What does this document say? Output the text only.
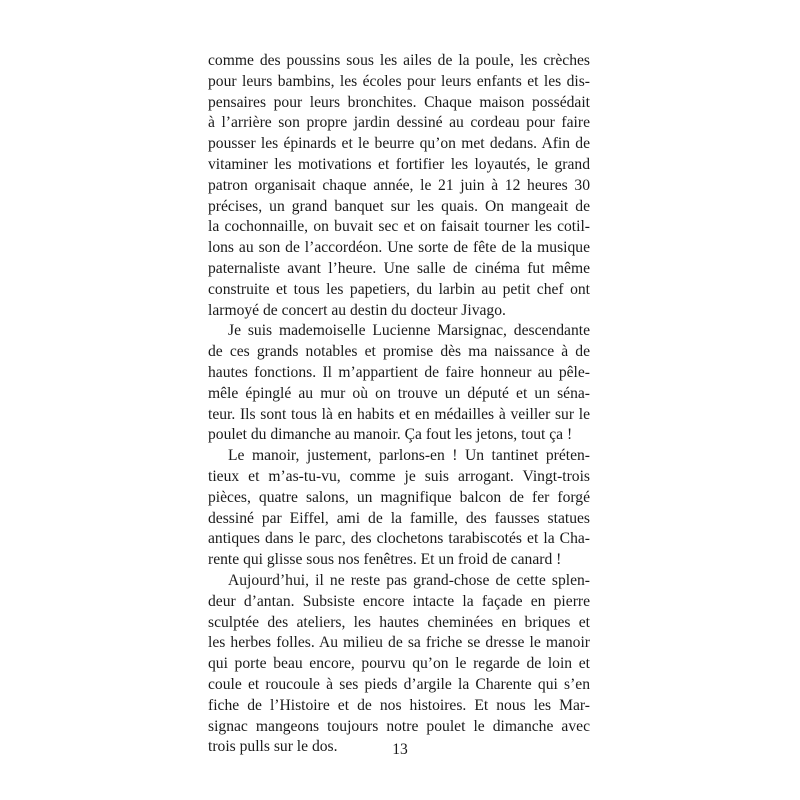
comme des poussins sous les ailes de la poule, les crèches
pour leurs bambins, les écoles pour leurs enfants et les dis-
pensaires pour leurs bronchites. Chaque maison possédait
à l’arrière son propre jardin dessiné au cordeau pour faire
pousser les épinards et le beurre qu’on met dedans. Afin de
vitaminer les motivations et fortifier les loyautés, le grand
patron organisait chaque année, le 21 juin à 12 heures 30
précises, un grand banquet sur les quais. On mangeait de
la cochonnaille, on buvait sec et on faisait tourner les cotil-
lons au son de l’accordéon. Une sorte de fête de la musique
paternaliste avant l’heure. Une salle de cinéma fut même
construite et tous les papetiers, du larbin au petit chef ont
larmoyé de concert au destin du docteur Jivago.
Je suis mademoiselle Lucienne Marsignac, descendante
de ces grands notables et promise dès ma naissance à de
hautes fonctions. Il m’appartient de faire honneur au pêle-
mêle épinglé au mur où on trouve un député et un séna-
teur. Ils sont tous là en habits et en médailles à veiller sur le
poulet du dimanche au manoir. Ça fout les jetons, tout ça !
Le manoir, justement, parlons-en ! Un tantinet préten-
tieux et m’as-tu-vu, comme je suis arrogant. Vingt-trois
pièces, quatre salons, un magnifique balcon de fer forgé
dessiné par Eiffel, ami de la famille, des fausses statues
antiques dans le parc, des clochetons tarabiscotés et la Cha-
rente qui glisse sous nos fenêtres. Et un froid de canard !
Aujourd’hui, il ne reste pas grand-chose de cette splen-
deur d’antan. Subsiste encore intacte la façade en pierre
sculptée des ateliers, les hautes cheminées en briques et
les herbes folles. Au milieu de sa friche se dresse le manoir
qui porte beau encore, pourvu qu’on le regarde de loin et
coule et roucoule à ses pieds d’argile la Charente qui s’en
fiche de l’Histoire et de nos histoires. Et nous les Mar-
signac mangeons toujours notre poulet le dimanche avec
trois pulls sur le dos.	13
